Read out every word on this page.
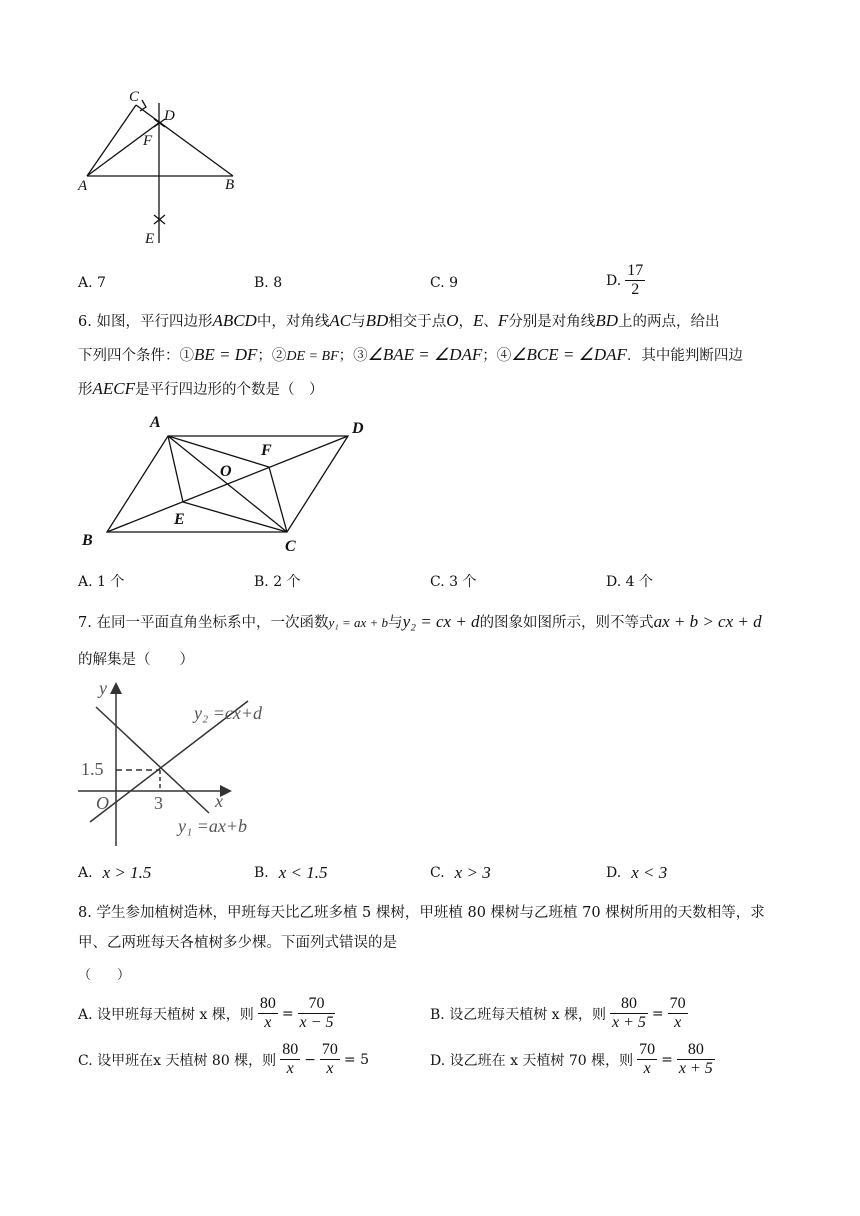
C
D
F
A	B
E
A. 7	B. 8	C. 9	D. $\frac{17}{2}$
6. 如图，平行四边形ABCD中，对角线AC与BD相交于点O，E、F分别是对角线BD上的两点，给出
下列四个条件：①BE = DF；②DE = BF；③∠BAE = ∠DAF；④∠BCE = ∠DAF．其中能判断四边
形AECF是平行四边形的个数是（　）
A	D
B	C
O
E
F
A. 1 个	B. 2 个	C. 3 个	D. 4 个
7. 在同一平面直角坐标系中，一次函数y₁ = ax + b与y₂ = cx + d的图象如图所示，则不等式ax + b > cx + d
的解集是（　　）
y
x
O
1.5
3
y₂ =cx+d
y₁ =ax+b
A. x > 1.5	B. x < 1.5	C. x > 3	D. x < 3
8. 学生参加植树造林，甲班每天比乙班多植 5 棵树，甲班植 80 棵树与乙班植 70 棵树所用的天数相等，求
甲、乙两班每天各植树多少棵。下面列式错误的是
（　　）
A. 设甲班每天植树 x 棵，则 $\frac{80}{x} = \frac{70}{x - 5}$	B. 设乙班每天植树 x 棵，则 $\frac{80}{x + 5} = \frac{70}{x}$
C. 设甲班在x 天植树 80 棵，则 $\frac{80}{x} - \frac{70}{x} = 5$	D. 设乙班在 x 天植树 70 棵，则 $\frac{70}{x} = \frac{80}{x + 5}$
